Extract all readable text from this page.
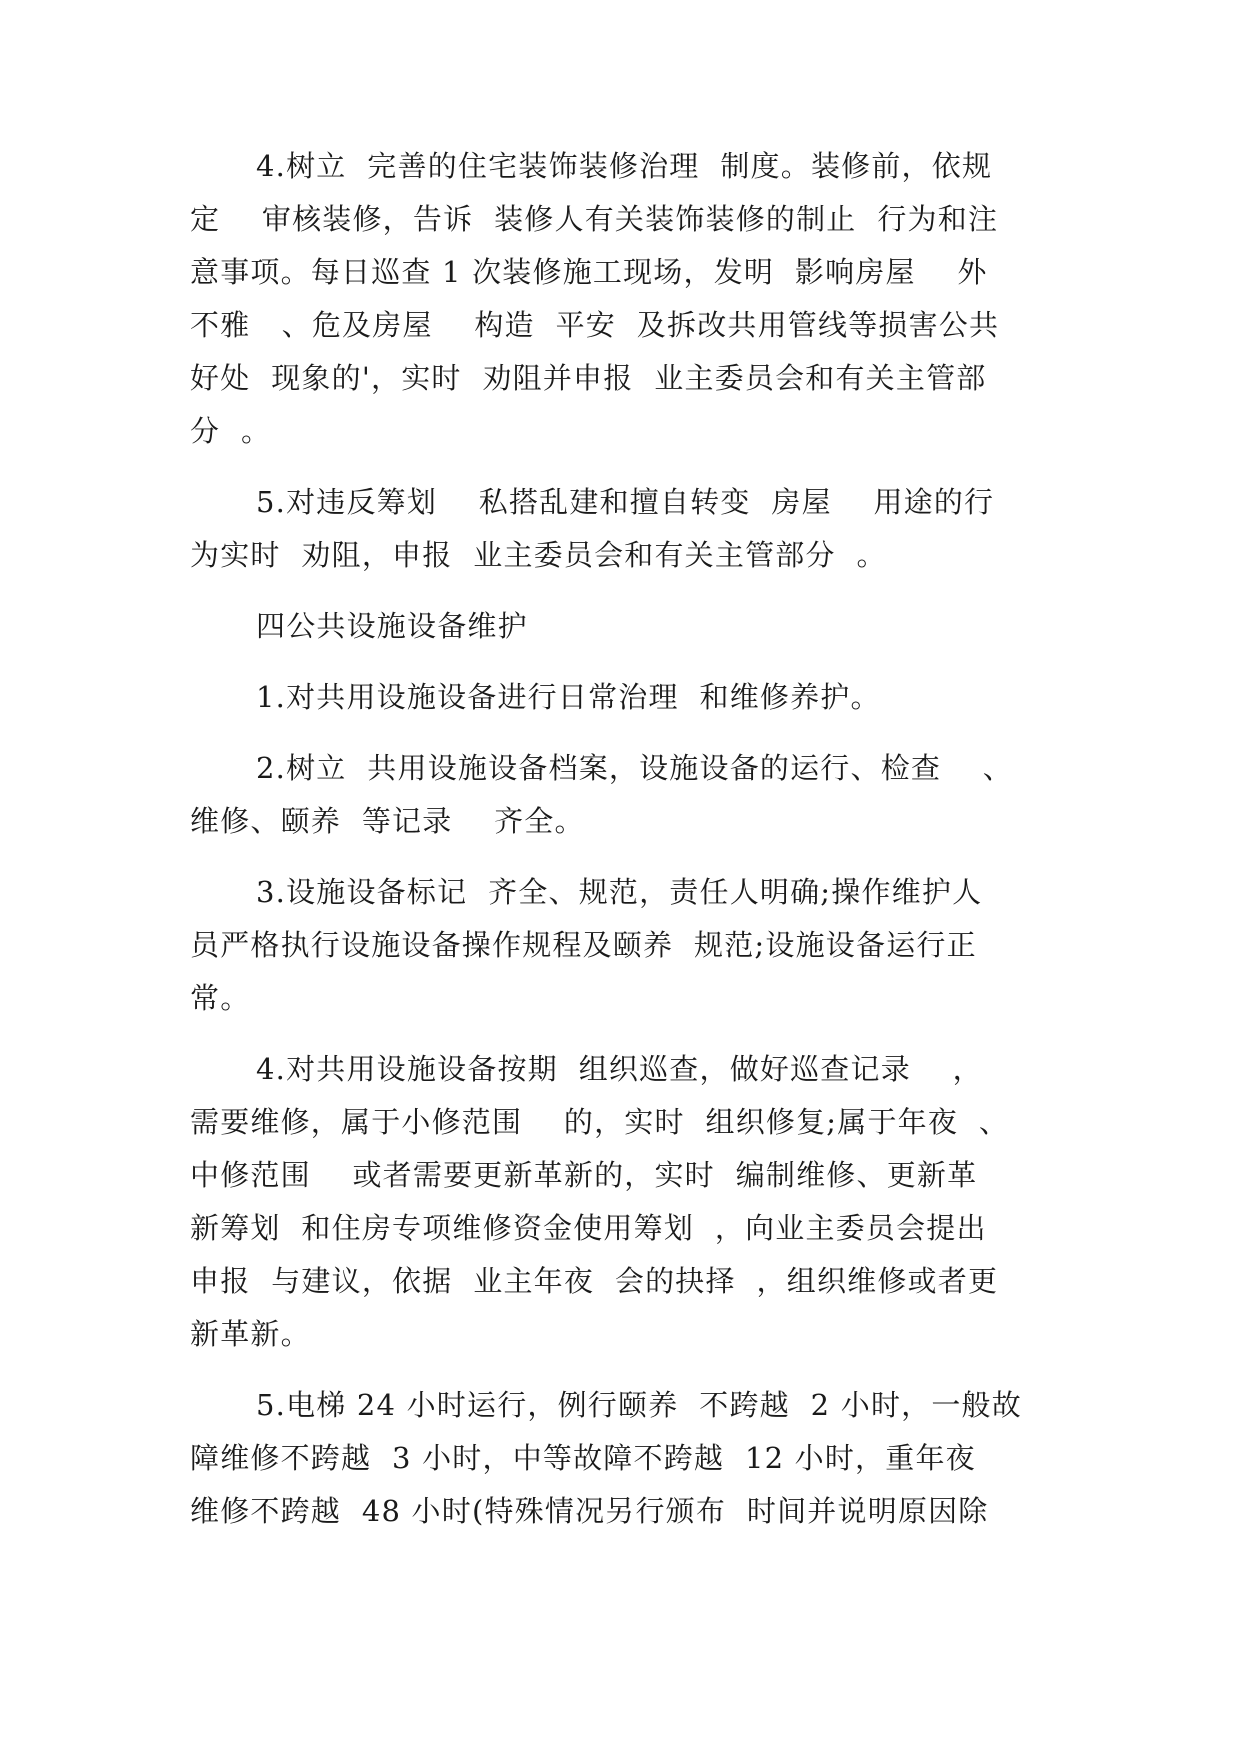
4.树立  完善的住宅装饰装修治理  制度。装修前，依规
定    审核装修，告诉  装修人有关装饰装修的制止  行为和注
意事项。每日巡查 1 次装修施工现场，发明  影响房屋    外
不雅   、危及房屋    构造  平安  及拆改共用管线等损害公共
好处  现象的'，实时  劝阻并申报  业主委员会和有关主管部
分  。
5.对违反筹划    私搭乱建和擅自转变  房屋    用途的行
为实时  劝阻，申报  业主委员会和有关主管部分  。
四公共设施设备维护
1.对共用设施设备进行日常治理  和维修养护。
2.树立  共用设施设备档案，设施设备的运行、检查    、
维修、颐养  等记录    齐全。
3.设施设备标记  齐全、规范，责任人明确;操作维护人
员严格执行设施设备操作规程及颐养  规范;设施设备运行正
常。
4.对共用设施设备按期  组织巡查，做好巡查记录    ，
需要维修，属于小修范围    的，实时  组织修复;属于年夜  、
中修范围    或者需要更新革新的，实时  编制维修、更新革
新筹划  和住房专项维修资金使用筹划  ，向业主委员会提出
申报  与建议，依据  业主年夜  会的抉择  ，组织维修或者更
新革新。
5.电梯 24 小时运行，例行颐养  不跨越  2 小时，一般故
障维修不跨越  3 小时，中等故障不跨越  12 小时，重年夜
维修不跨越  48 小时(特殊情况另行颁布  时间并说明原因除
